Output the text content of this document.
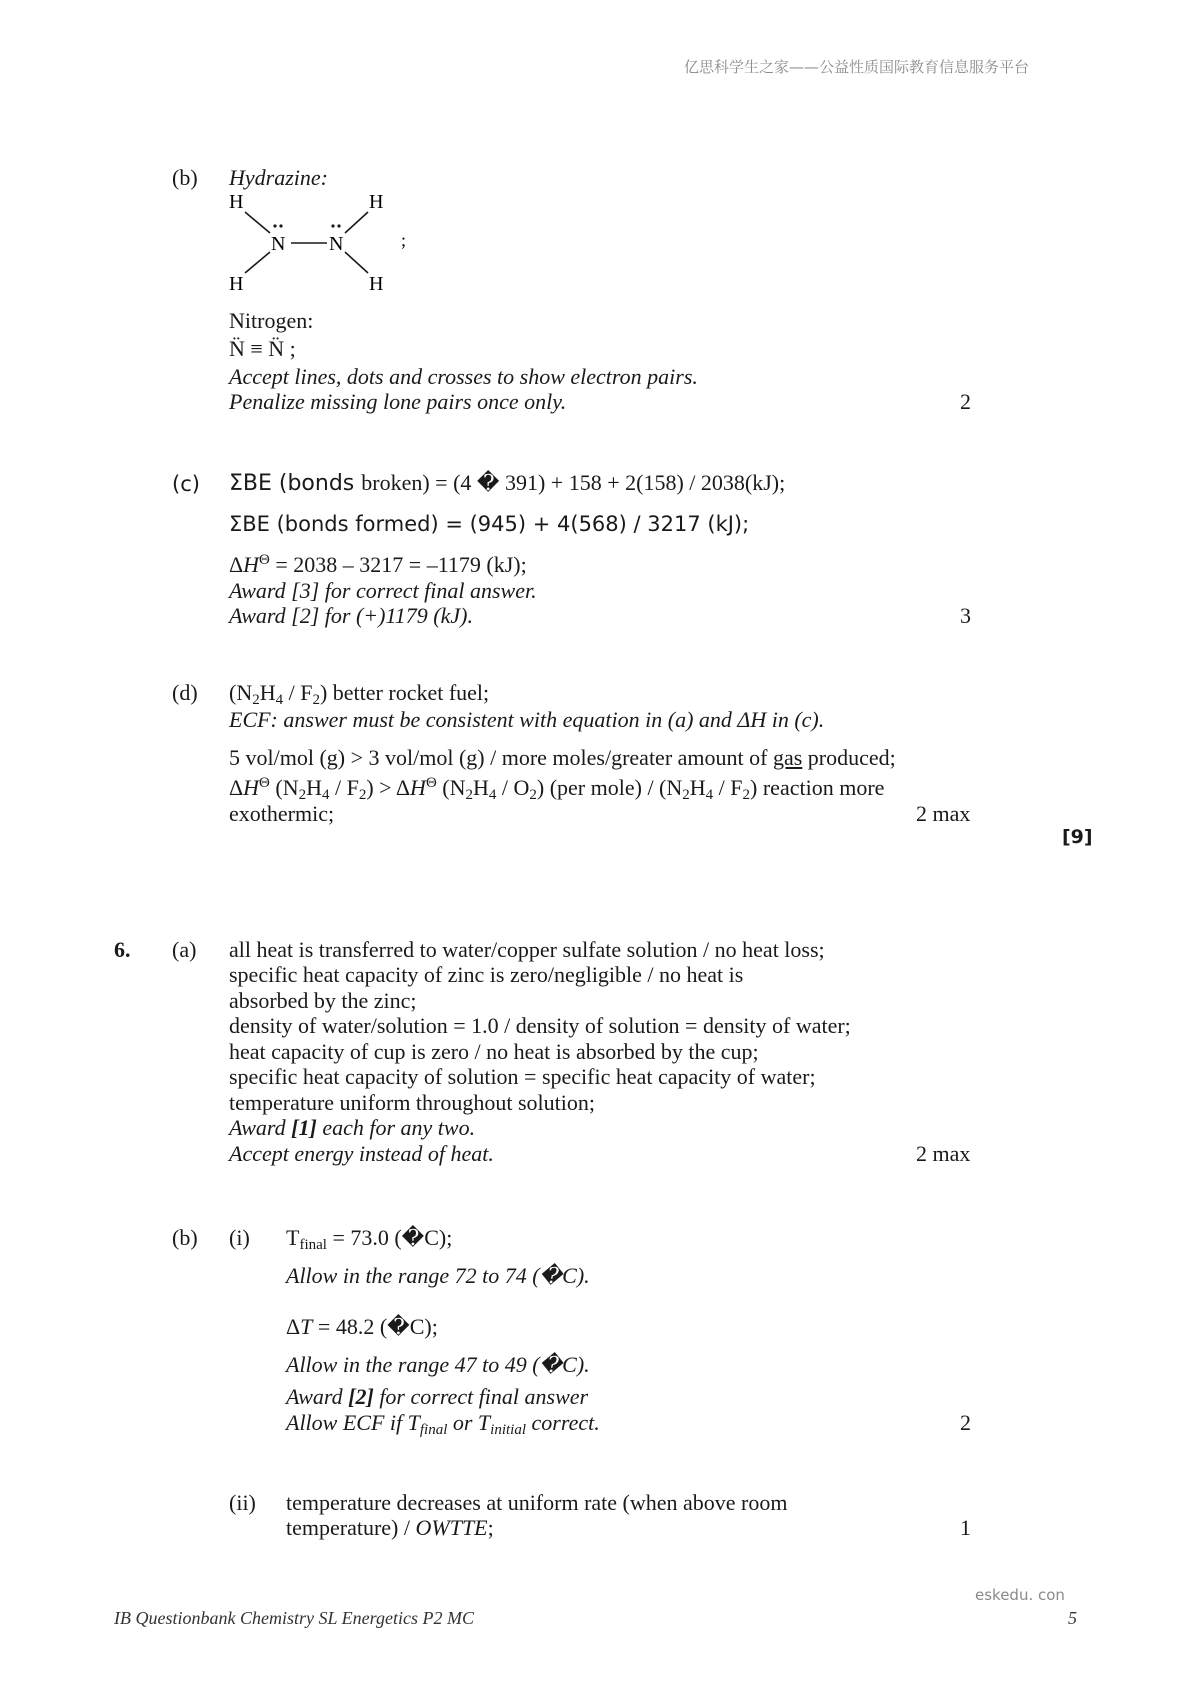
亿思科学生之家——公益性质国际教育信息服务平台
(b) Hydrazine:
H	H
H	H
N N	;
Nitrogen:
N̈ ≡ N̈ ;
Accept lines, dots and crosses to show electron pairs.
Penalize missing lone pairs once only.	2
(c) ΣBE (bonds broken) = (4 � 391) + 158 + 2(158) / 2038(kJ);
ΣBE (bonds formed) = (945) + 4(568) / 3217 (kJ);
$\Delta H^\Theta = 2038 - 3217 = -1179$ (kJ);
Award [3] for correct final answer.
Award [2] for (+)1179 (kJ).	3
(d) $(N_2H_4 / F_2)$ better rocket fuel;
ECF: answer must be consistent with equation in (a) and ΔH in (c).
5 vol/mol (g) > 3 vol/mol (g) / more moles/greater amount of gas produced;
$\Delta H^\Theta$ $(N_2H_4 / F_2) > \Delta H^\Theta$ $(N_2H_4 / O_2)$ (per mole) / $(N_2H_4 / F_2)$ reaction more
exothermic;	2 max
[9]
6. (a) all heat is transferred to water/copper sulfate solution / no heat loss;
specific heat capacity of zinc is zero/negligible / no heat is
absorbed by the zinc;
density of water/solution = 1.0 / density of solution = density of water;
heat capacity of cup is zero / no heat is absorbed by the cup;
specific heat capacity of solution = specific heat capacity of water;
temperature uniform throughout solution;
Award [1] each for any two.
Accept energy instead of heat.	2 max
(b) (i) $T_{final} = 73.0$ (�C);
Allow in the range 72 to 74 (�C).
ΔT = 48.2 (�C);
Allow in the range 47 to 49 (�C).
Award [2] for correct final answer
Allow ECF if $T_{final}$ or $T_{initial}$ correct.	2
(ii) temperature decreases at uniform rate (when above room
temperature) / OWTTE;	1
eskedu. con
IB Questionbank Chemistry SL Energetics P2 MC	5
